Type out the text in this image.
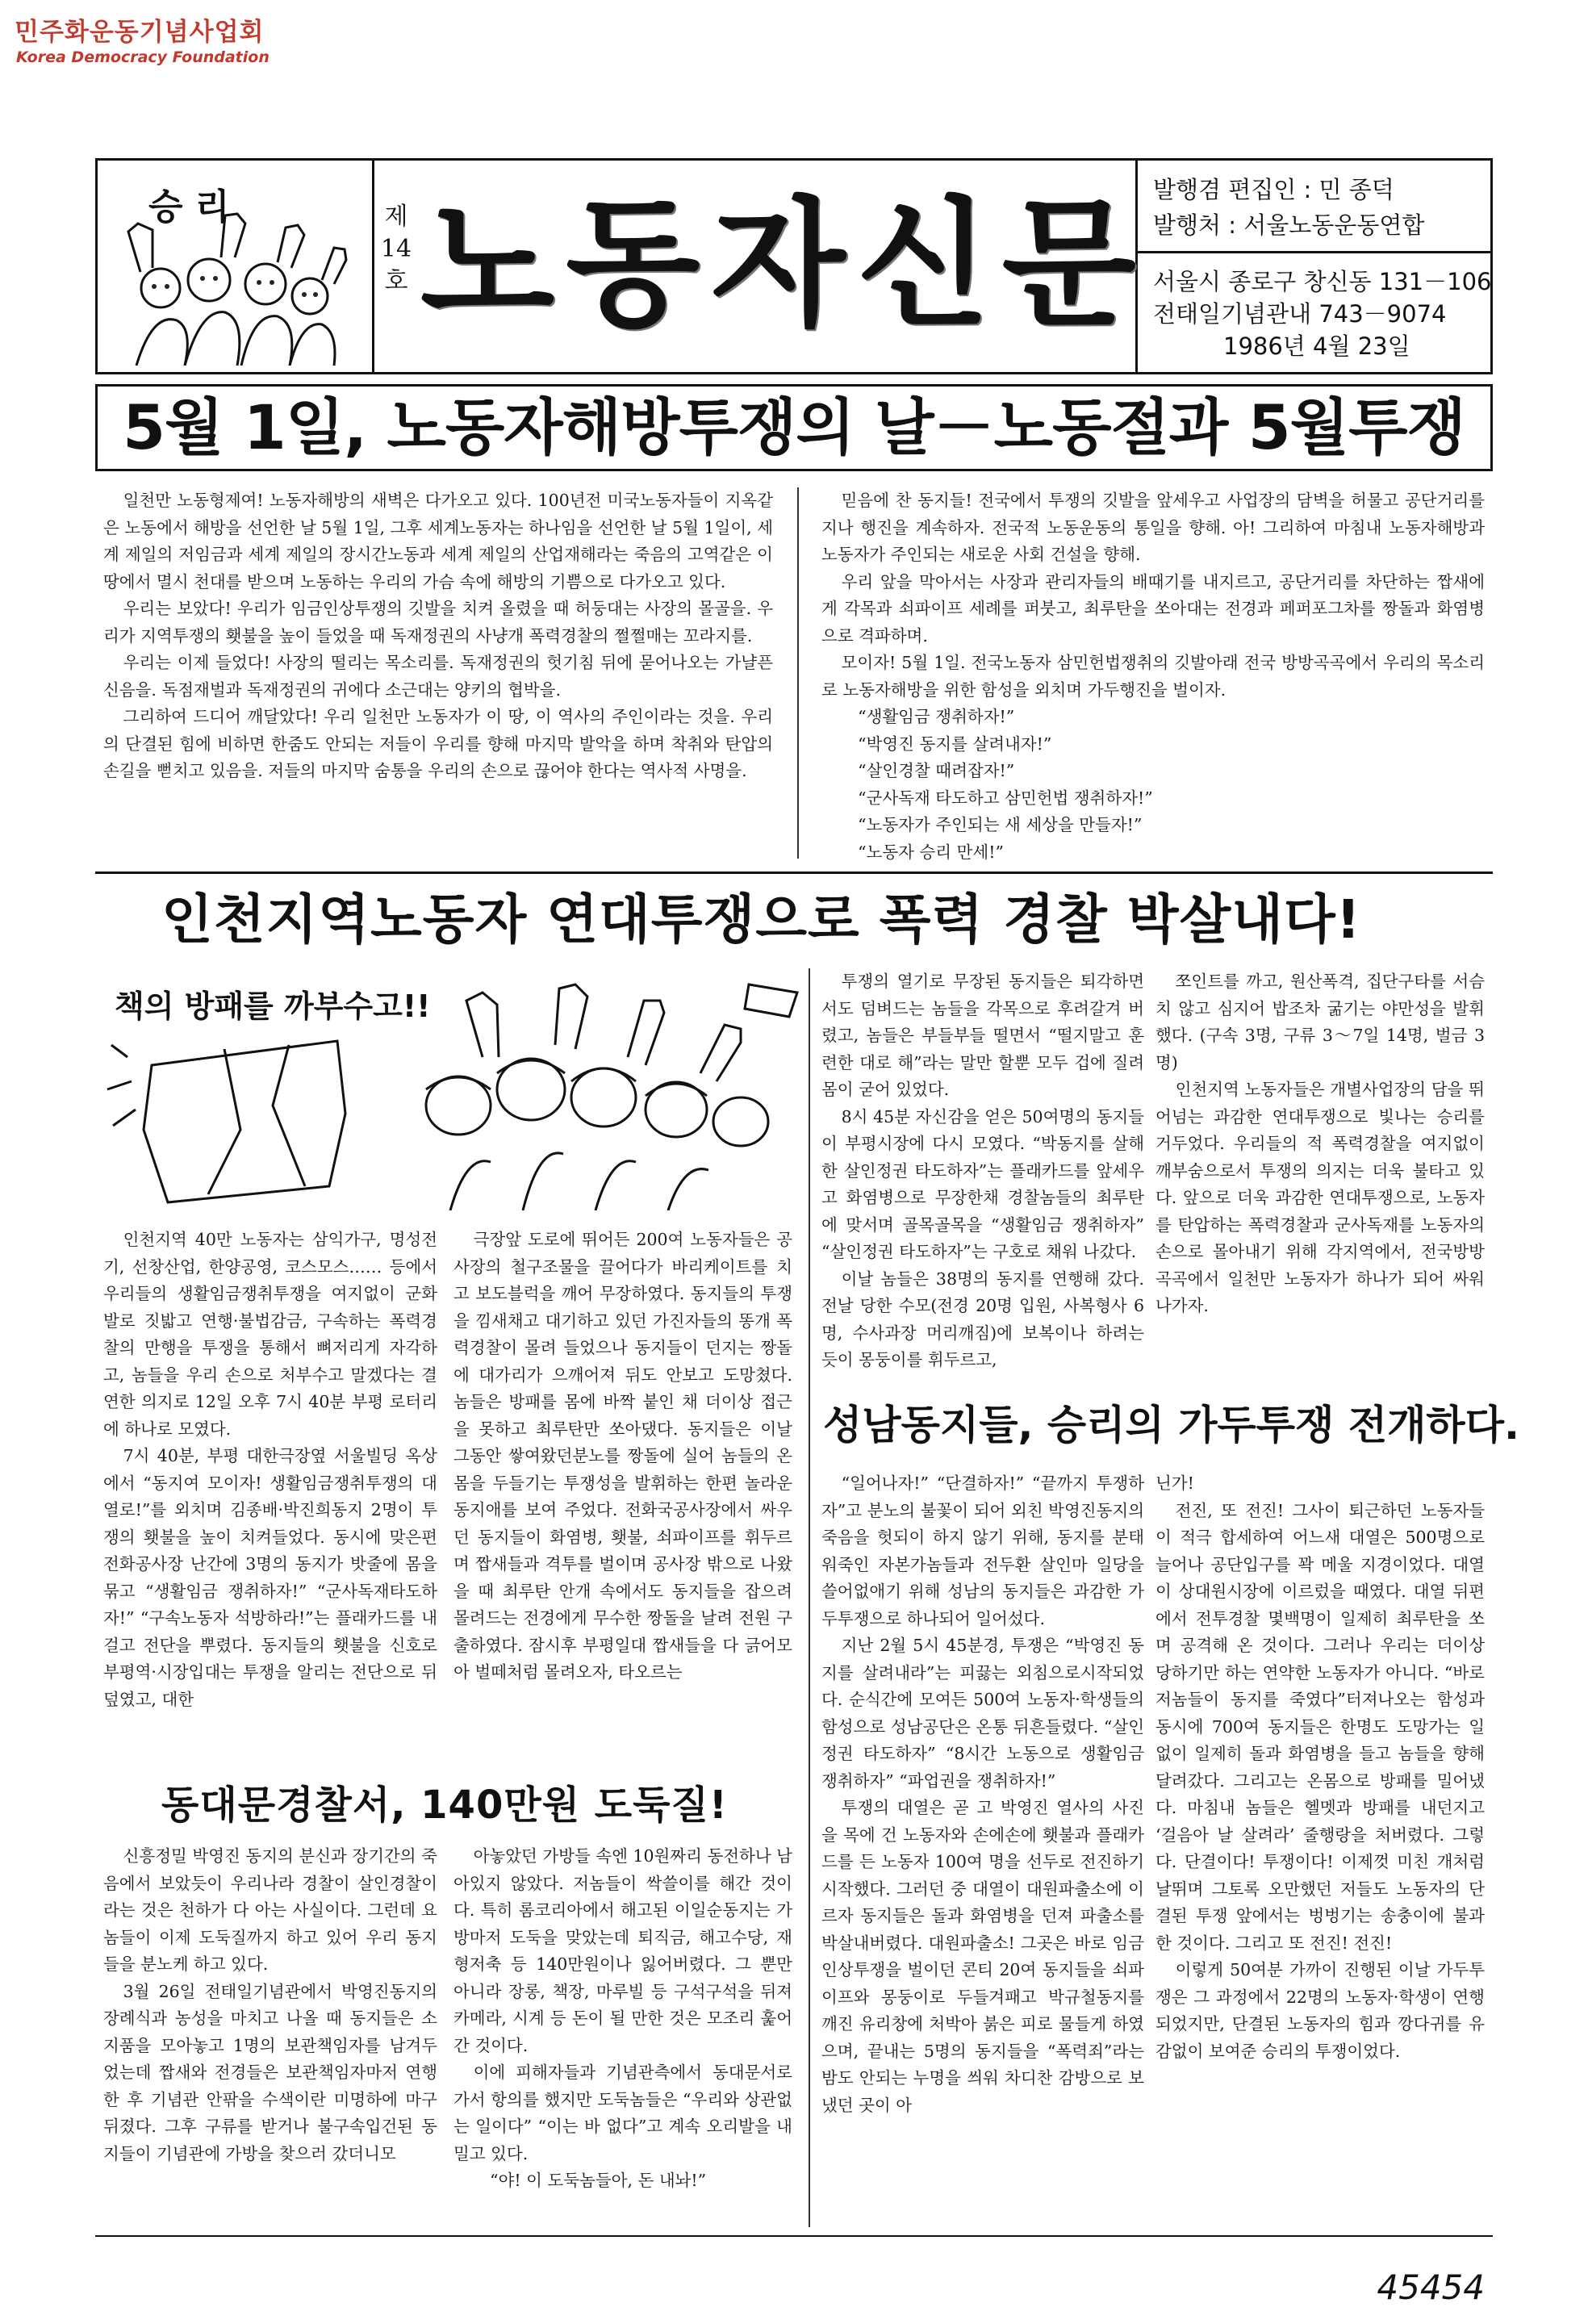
민주화운동기념사업회
Korea Democracy Foundation
승 리	제
14
호 노동자신문 발행겸 편집인 : 민 종덕
발행처 : 서울노동운동연합
서울시 종로구 창신동 131－106
전태일기념관내 743－9074
1986년 4월 23일
5월 1일, 노동자해방투쟁의 날－노동절과 5월투쟁

일천만 노동형제여! 노동자해방의 새벽은 다가오고 있다. 100년전 미국노동자들이 지옥같은 노동에서 해방을 선언한 날 5월 1일, 그후 세계노동자는 하나임을 선언한 날 5월 1일이, 세계 제일의 저임금과 세계 제일의 장시간노동과 세계 제일의 산업재해라는 죽음의 고역같은 이 땅에서 멸시 천대를 받으며 노동하는 우리의 가슴 속에 해방의 기쁨으로 다가오고 있다.

우리는 보았다! 우리가 임금인상투쟁의 깃발을 치켜 올렸을 때 허둥대는 사장의 몰골을. 우리가 지역투쟁의 횃불을 높이 들었을 때 독재정권의 사냥개 폭력경찰의 쩔쩔매는 꼬라지를.

우리는 이제 들었다! 사장의 떨리는 목소리를. 독재정권의 헛기침 뒤에 묻어나오는 가냘픈 신음을. 독점재벌과 독재정권의 귀에다 소근대는 양키의 협박을.

그리하여 드디어 깨달았다! 우리 일천만 노동자가 이 땅, 이 역사의 주인이라는 것을. 우리의 단결된 힘에 비하면 한줌도 안되는 저들이 우리를 향해 마지막 발악을 하며 착취와 탄압의 손길을 뻗치고 있음을. 저들의 마지막 숨통을 우리의 손으로 끊어야 한다는 역사적 사명을.

믿음에 찬 동지들! 전국에서 투쟁의 깃발을 앞세우고 사업장의 담벽을 허물고 공단거리를 지나 행진을 계속하자. 전국적 노동운동의 통일을 향해. 아! 그리하여 마침내 노동자해방과 노동자가 주인되는 새로운 사회 건설을 향해.

우리 앞을 막아서는 사장과 관리자들의 배때기를 내지르고, 공단거리를 차단하는 짭새에게 각목과 쇠파이프 세례를 퍼붓고, 최루탄을 쏘아대는 전경과 페퍼포그차를 짱돌과 화염병으로 격파하며.

모이자! 5월 1일. 전국노동자 삼민헌법쟁취의 깃발아래 전국 방방곡곡에서 우리의 목소리로 노동자해방을 위한 함성을 외치며 가두행진을 벌이자.

“생활임금 쟁취하자!”

“박영진 동지를 살려내자!”

“살인경찰 때려잡자!”

“군사독재 타도하고 삼민헌법 쟁취하자!”

“노동자가 주인되는 새 세상을 만들자!”

“노동자 승리 만세!”

인천지역노동자 연대투쟁으로 폭력 경찰 박살내다!
책의 방패를 까부수고!!

인천지역 40만 노동자는 삼익가구, 명성전기, 선창산업, 한양공영, 코스모스…… 등에서 우리들의 생활임금쟁취투쟁을 여지없이 군화발로 짓밟고 연행·불법감금, 구속하는 폭력경찰의 만행을 투쟁을 통해서 뼈저리게 자각하고, 놈들을 우리 손으로 처부수고 말겠다는 결연한 의지로 12일 오후 7시 40분 부평 로터리에 하나로 모였다.

7시 40분, 부평 대한극장옆 서울빌딩 옥상에서 “동지여 모이자! 생활임금쟁취투쟁의 대열로!”를 외치며 김종배·박진희동지 2명이 투쟁의 횃불을 높이 치켜들었다. 동시에 맞은편 전화공사장 난간에 3명의 동지가 밧줄에 몸을 묶고 “생활임금 쟁취하자!” “군사독재타도하자!” “구속노동자 석방하라!”는 플래카드를 내걸고 전단을 뿌렸다. 동지들의 횃불을 신호로 부평역·시장입대는 투쟁을 알리는 전단으로 뒤덮였고, 대한

극장앞 도로에 뛰어든 200여 노동자들은 공사장의 철구조물을 끌어다가 바리케이트를 치고 보도블럭을 깨어 무장하였다. 동지들의 투쟁을 낌새채고 대기하고 있던 가진자들의 똥개 폭력경찰이 몰려 들었으나 동지들이 던지는 짱돌에 대가리가 으깨어져 뒤도 안보고 도망쳤다. 놈들은 방패를 몸에 바짝 붙인 채 더이상 접근을 못하고 최루탄만 쏘아댔다. 동지들은 이날 그동안 쌓여왔던분노를 짱돌에 실어 놈들의 온몸을 두들기는 투쟁성을 발휘하는 한편 놀라운 동지애를 보여 주었다. 전화국공사장에서 싸우던 동지들이 화염병, 횃불, 쇠파이프를 휘두르며 짭새들과 격투를 벌이며 공사장 밖으로 나왔을 때 최루탄 안개 속에서도 동지들을 잡으려 몰려드는 전경에게 무수한 짱돌을 날려 전원 구출하였다. 잠시후 부평일대 짭새들을 다 긁어모아 벌떼처럼 몰려오자, 타오르는

투쟁의 열기로 무장된 동지들은 퇴각하면서도 덤벼드는 놈들을 각목으로 후려갈겨 버렸고, 놈들은 부들부들 떨면서 “떨지말고 훈련한 대로 해”라는 말만 할뿐 모두 겁에 질려 몸이 굳어 있었다.

8시 45분 자신감을 얻은 50여명의 동지들이 부평시장에 다시 모였다. “박동지를 살해한 살인정권 타도하자”는 플래카드를 앞세우고 화염병으로 무장한채 경찰놈들의 최루탄에 맞서며 골목골목을 “생활임금 쟁취하자” “살인정권 타도하자”는 구호로 채워 나갔다.

이날 놈들은 38명의 동지를 연행해 갔다. 전날 당한 수모(전경 20명 입원, 사복형사 6명, 수사과장 머리깨짐)에 보복이나 하려는 듯이 몽둥이를 휘두르고,

쪼인트를 까고, 원산폭격, 집단구타를 서슴치 않고 심지어 밥조차 굶기는 야만성을 발휘했다. (구속 3명, 구류 3～7일 14명, 벌금 3명)

인천지역 노동자들은 개별사업장의 담을 뛰어넘는 과감한 연대투쟁으로 빛나는 승리를 거두었다. 우리들의 적 폭력경찰을 여지없이 깨부숨으로서 투쟁의 의지는 더욱 불타고 있다. 앞으로 더욱 과감한 연대투쟁으로, 노동자를 탄압하는 폭력경찰과 군사독재를 노동자의 손으로 몰아내기 위해 각지역에서, 전국방방곡곡에서 일천만 노동자가 하나가 되어 싸워나가자.

동대문경찰서, 140만원 도둑질!

신흥정밀 박영진 동지의 분신과 장기간의 죽음에서 보았듯이 우리나라 경찰이 살인경찰이라는 것은 천하가 다 아는 사실이다. 그런데 요놈들이 이제 도둑질까지 하고 있어 우리 동지들을 분노케 하고 있다.

3월 26일 전태일기념관에서 박영진동지의 장례식과 농성을 마치고 나올 때 동지들은 소지품을 모아놓고 1명의 보관책임자를 남겨두었는데 짭새와 전경들은 보관책임자마저 연행한 후 기념관 안팎을 수색이란 미명하에 마구 뒤졌다. 그후 구류를 받거나 불구속입건된 동지들이 기념관에 가방을 찾으러 갔더니모

아놓았던 가방들 속엔 10원짜리 동전하나 남아있지 않았다. 저놈들이 싹쓸이를 해간 것이다. 특히 롬코리아에서 해고된 이일순동지는 가방마저 도둑을 맞았는데 퇴직금, 해고수당, 재형저축 등 140만원이나 잃어버렸다. 그 뿐만 아니라 장롱, 책장, 마루빌 등 구석구석을 뒤져 카메라, 시계 등 돈이 될 만한 것은 모조리 훑어 간 것이다.

이에 피해자들과 기념관측에서 동대문서로 가서 항의를 했지만 도둑놈들은 “우리와 상관없는 일이다” “이는 바 없다”고 계속 오리발을 내밀고 있다.

“야! 이 도둑놈들아, 돈 내놔!”

성남동지들, 승리의 가두투쟁 전개하다.

“일어나자!” “단결하자!” “끝까지 투쟁하자”고 분노의 불꽃이 되어 외친 박영진동지의 죽음을 헛되이 하지 않기 위해, 동지를 분태워죽인 자본가놈들과 전두환 살인마 일당을 쓸어없애기 위해 성남의 동지들은 과감한 가두투쟁으로 하나되어 일어섰다.

지난 2월 5시 45분경, 투쟁은 “박영진 동지를 살려내라”는 피끓는 외침으로시작되었다. 순식간에 모여든 500여 노동자·학생들의 함성으로 성남공단은 온통 뒤흔들렸다. “살인정권 타도하자” “8시간 노동으로 생활임금 쟁취하자” “파업권을 쟁취하자!”

투쟁의 대열은 곧 고 박영진 열사의 사진을 목에 건 노동자와 손에손에 횃불과 플래카드를 든 노동자 100여 명을 선두로 전진하기 시작했다. 그러던 중 대열이 대원파출소에 이르자 동지들은 돌과 화염병을 던져 파출소를 박살내버렸다. 대원파출소! 그곳은 바로 임금인상투쟁을 벌이던 콘티 20여 동지들을 쇠파이프와 몽둥이로 두들겨패고 박규철동지를 깨진 유리창에 처박아 붉은 피로 물들게 하였으며, 끝내는 5명의 동지들을 “폭력죄”라는 밤도 안되는 누명을 씌워 차디찬 감방으로 보냈던 곳이 아

닌가!

전진, 또 전진! 그사이 퇴근하던 노동자들이 적극 합세하여 어느새 대열은 500명으로 늘어나 공단입구를 꽉 메울 지경이었다. 대열이 상대원시장에 이르렀을 때였다. 대열 뒤편에서 전투경찰 몇백명이 일제히 최루탄을 쏘며 공격해 온 것이다. 그러나 우리는 더이상 당하기만 하는 연약한 노동자가 아니다. “바로 저놈들이 동지를 죽였다”터져나오는 함성과 동시에 700여 동지들은 한명도 도망가는 일없이 일제히 돌과 화염병을 들고 놈들을 향해 달려갔다. 그리고는 온몸으로 방패를 밀어냈다. 마침내 놈들은 헬멧과 방패를 내던지고 ‘걸음아 날 살려라’ 줄행랑을 처버렸다. 그렇다. 단결이다! 투쟁이다! 이제껏 미친 개처럼 날뛰며 그토록 오만했던 저들도 노동자의 단결된 투쟁 앞에서는 벙벙기는 송충이에 불과한 것이다. 그리고 또 전진! 전진!

이렇게 50여분 가까이 진행된 이날 가두투쟁은 그 과정에서 22명의 노동자·학생이 연행되었지만, 단결된 노동자의 힘과 깡다귀를 유감없이 보여준 승리의 투쟁이었다.

45454
